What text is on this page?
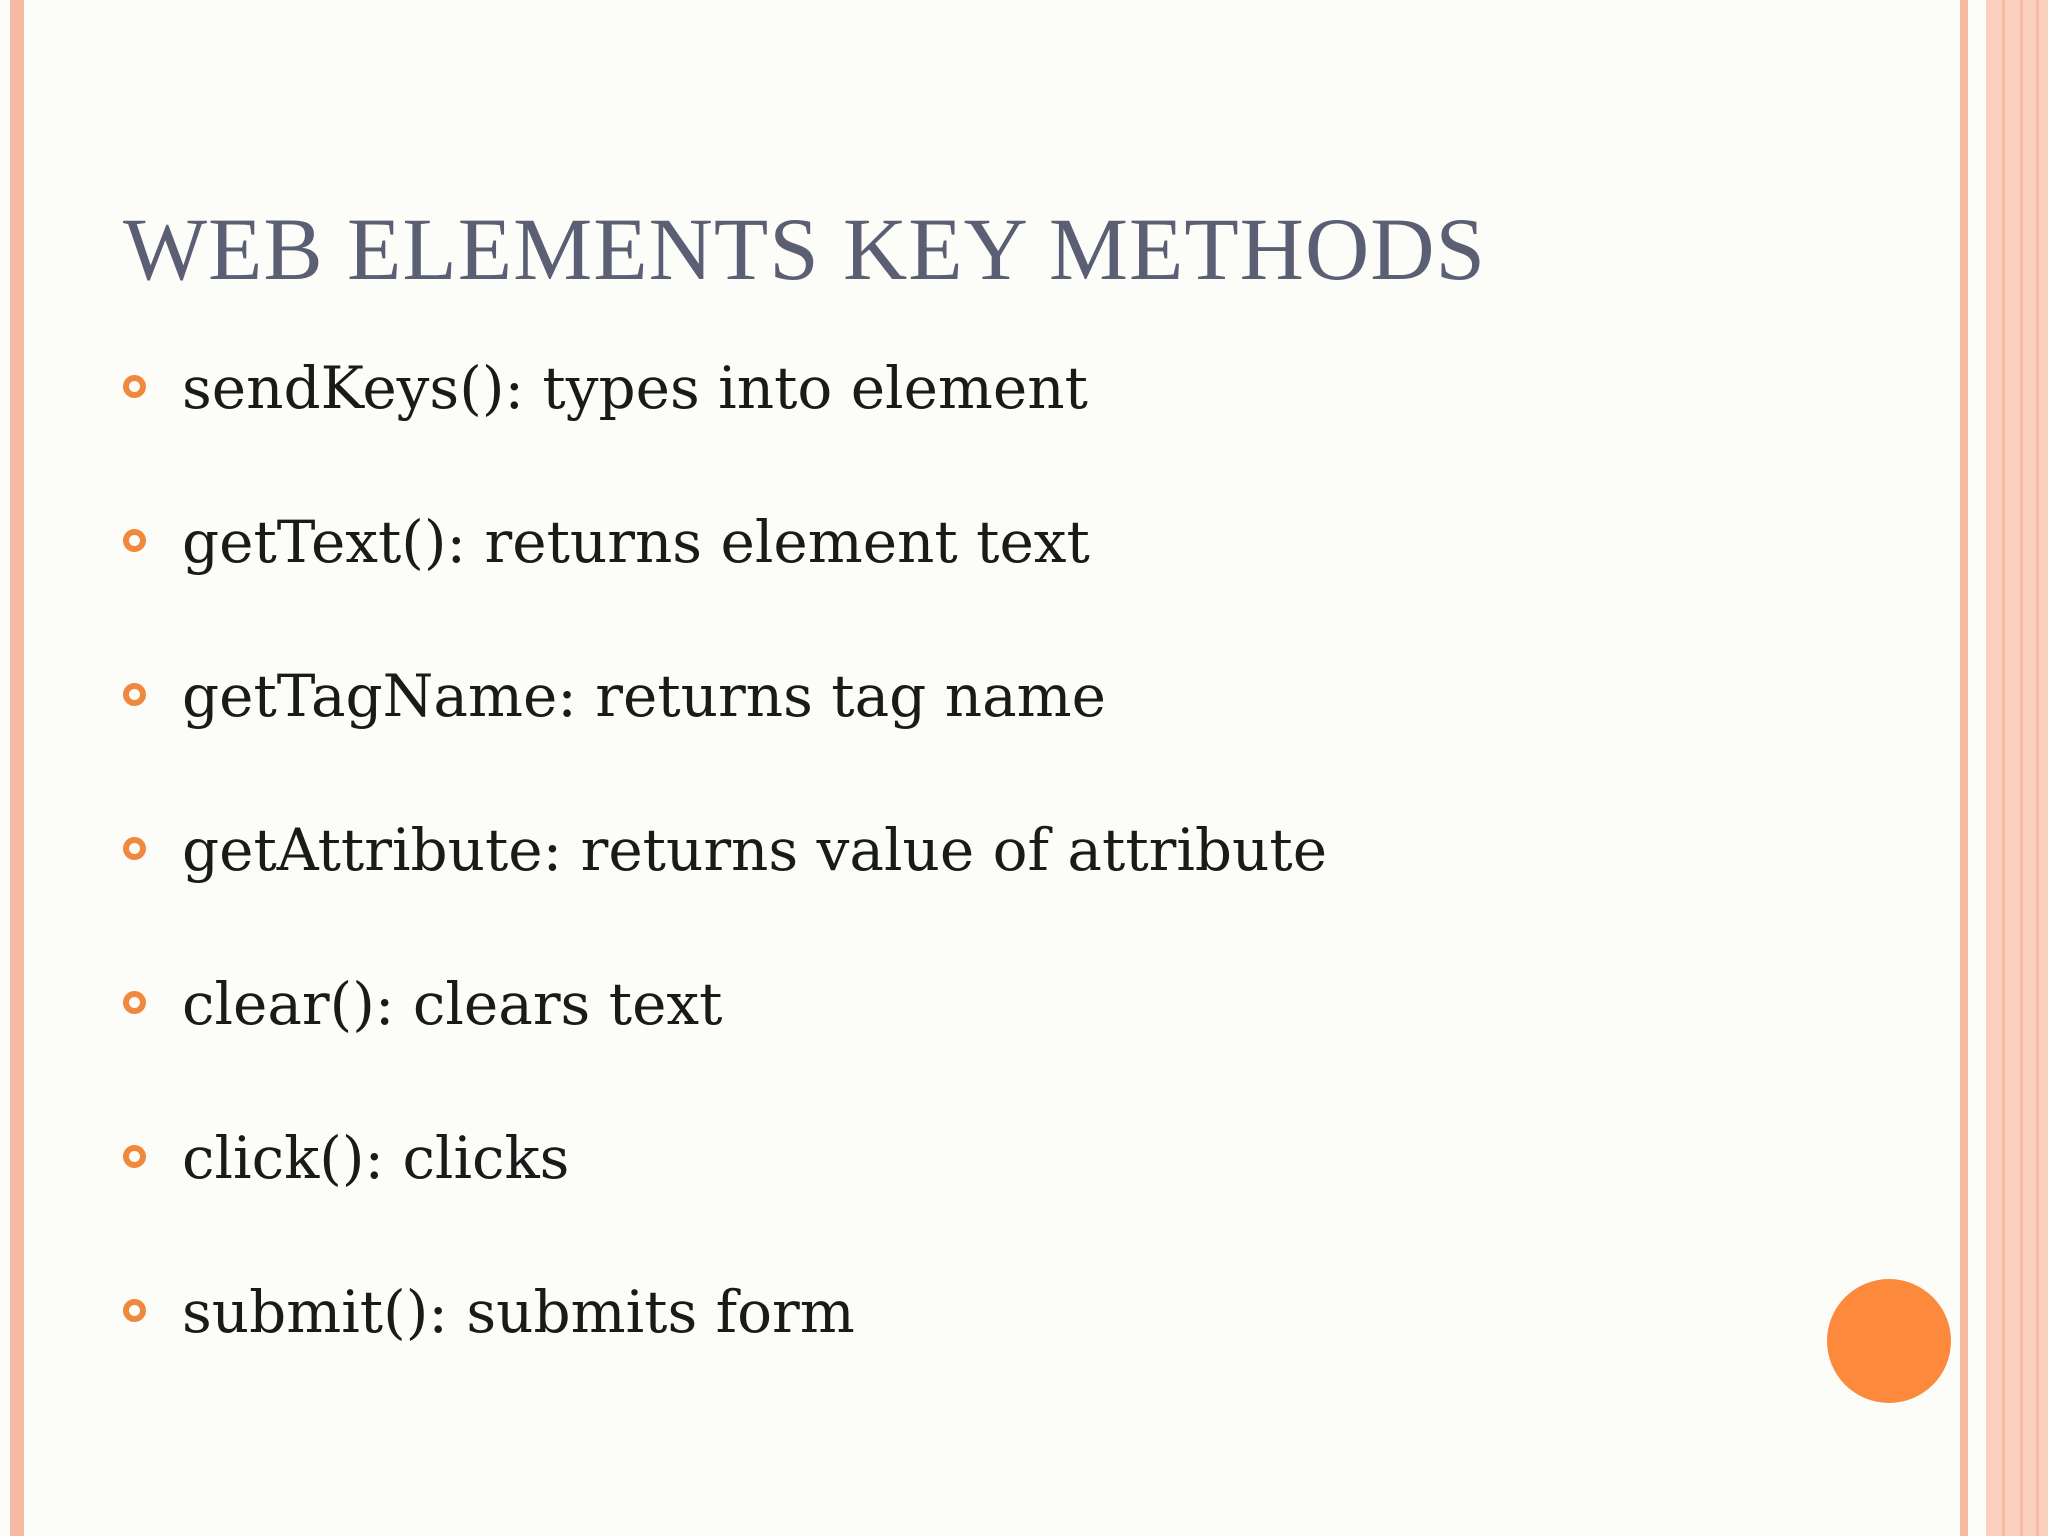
WEB ELEMENTS KEY METHODS
sendKeys(): types into element
getText(): returns element text
getTagName: returns tag name
getAttribute: returns value of attribute
clear(): clears text
click(): clicks
submit(): submits form
